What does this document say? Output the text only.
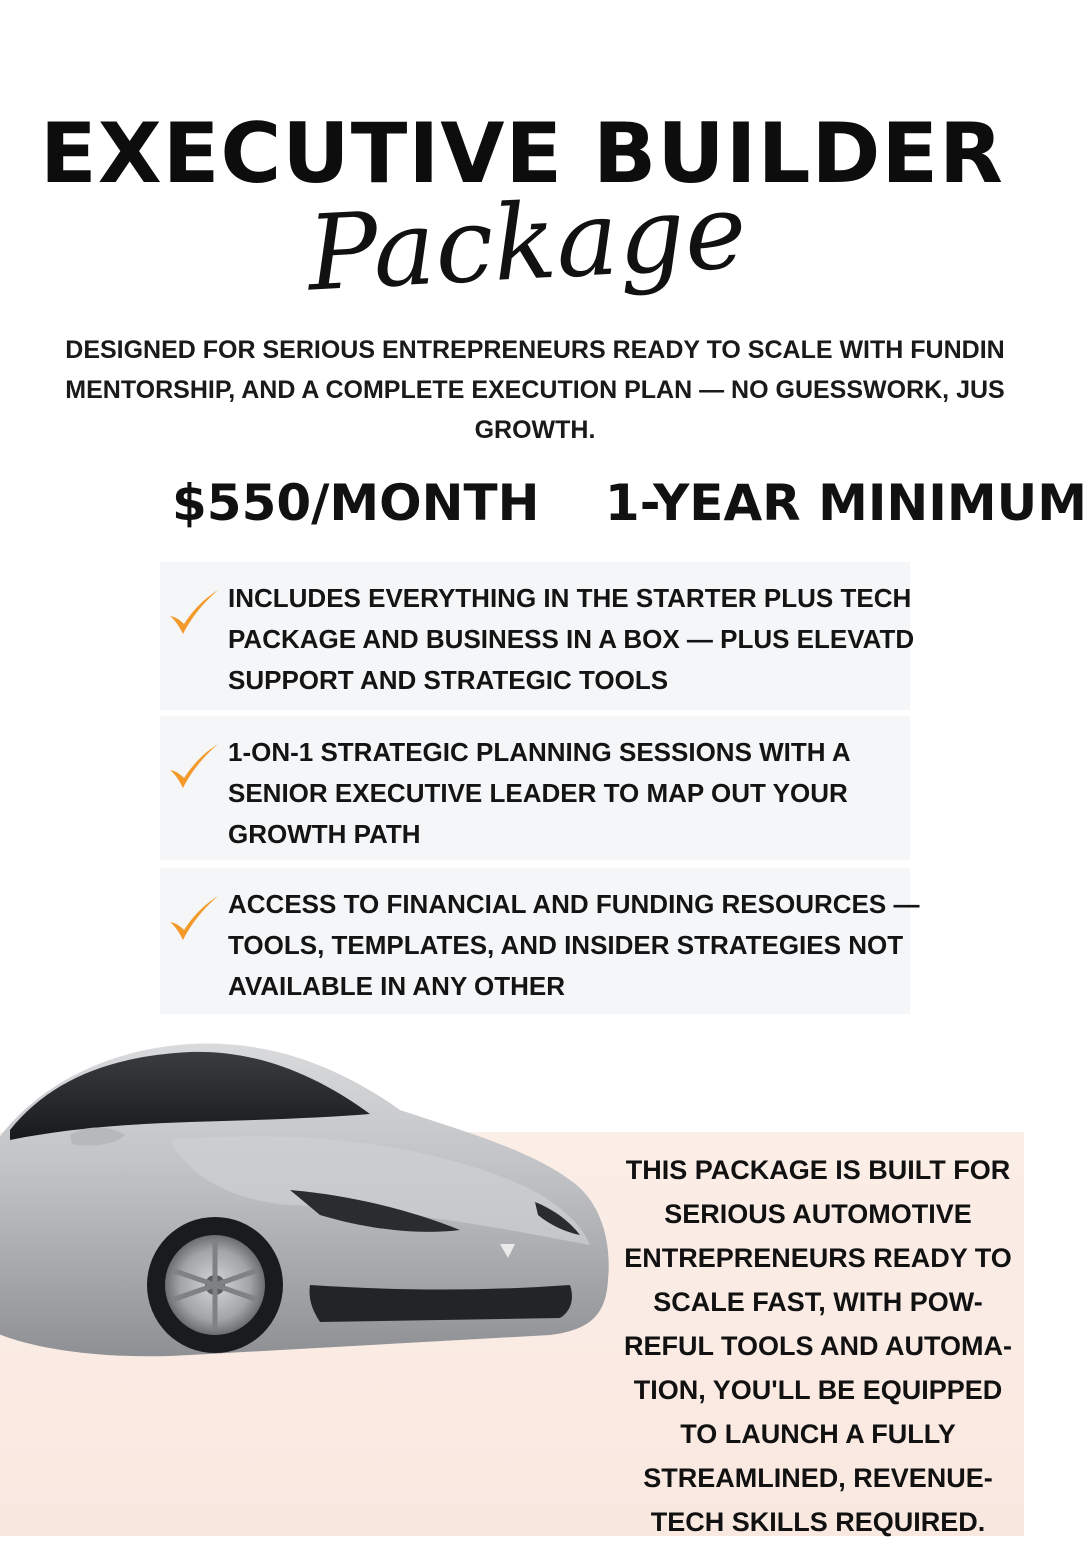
EXECUTIVE BUILDER
Package
DESIGNED FOR SERIOUS ENTREPRENEURS READY TO SCALE WITH FUNDIN
MENTORSHIP, AND A COMPLETE EXECUTION PLAN — NO GUESSWORK, JUS
GROWTH.
$550/MONTH 1-YEAR MINIMUM
INCLUDES EVERYTHING IN THE STARTER PLUS TECH
PACKAGE AND BUSINESS IN A BOX — PLUS ELEVATD
SUPPORT AND STRATEGIC TOOLS
1-ON-1 STRATEGIC PLANNING SESSIONS WITH A
SENIOR EXECUTIVE LEADER TO MAP OUT YOUR
GROWTH PATH
ACCESS TO FINANCIAL AND FUNDING RESOURCES —
TOOLS, TEMPLATES, AND INSIDER STRATEGIES NOT
AVAILABLE IN ANY OTHER
THIS PACKAGE IS BUILT FOR
SERIOUS AUTOMOTIVE
ENTREPRENEURS READY TO
SCALE FAST, WITH POW-
REFUL TOOLS AND AUTOMA-
TION, YOU'LL BE EQUIPPED
TO LAUNCH A FULLY
STREAMLINED, REVENUE-
TECH SKILLS REQUIRED.
